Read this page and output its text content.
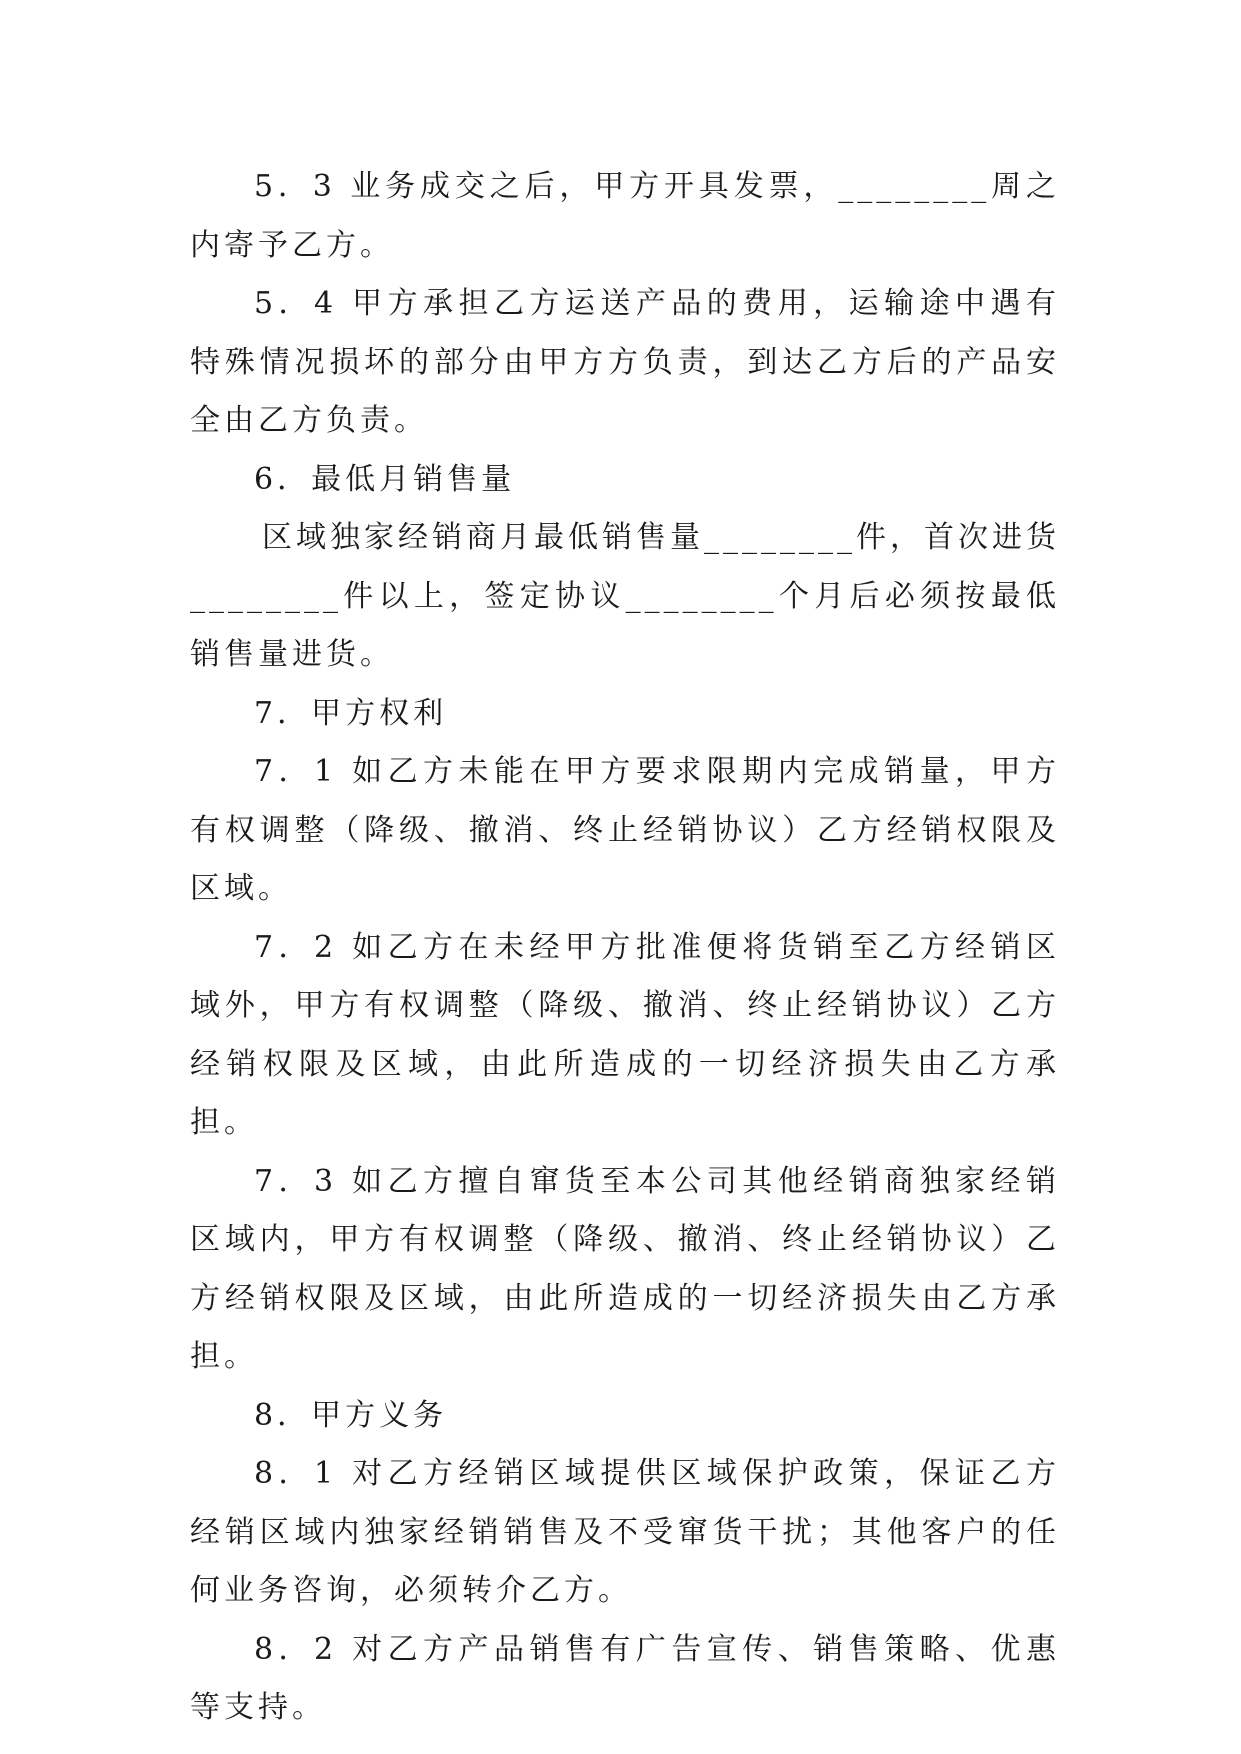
5．3 业务成交之后，甲方开具发票，________周之内寄予乙方。

5．4 甲方承担乙方运送产品的费用，运输途中遇有特殊情况损坏的部分由甲方方负责，到达乙方后的产品安全由乙方负责。

6．最低月销售量

区域独家经销商月最低销售量________件，首次进货________件以上，签定协议________个月后必须按最低销售量进货。

7．甲方权利

7．1 如乙方未能在甲方要求限期内完成销量，甲方有权调整（降级、撤消、终止经销协议）乙方经销权限及区域。

7．2 如乙方在未经甲方批准便将货销至乙方经销区域外，甲方有权调整（降级、撤消、终止经销协议）乙方经销权限及区域，由此所造成的一切经济损失由乙方承担。

7．3 如乙方擅自窜货至本公司其他经销商独家经销区域内，甲方有权调整（降级、撤消、终止经销协议）乙方经销权限及区域，由此所造成的一切经济损失由乙方承担。

8．甲方义务

8．1 对乙方经销区域提供区域保护政策，保证乙方经销区域内独家经销销售及不受窜货干扰；其他客户的任何业务咨询，必须转介乙方。

8．2 对乙方产品销售有广告宣传、销售策略、优惠等支持。
